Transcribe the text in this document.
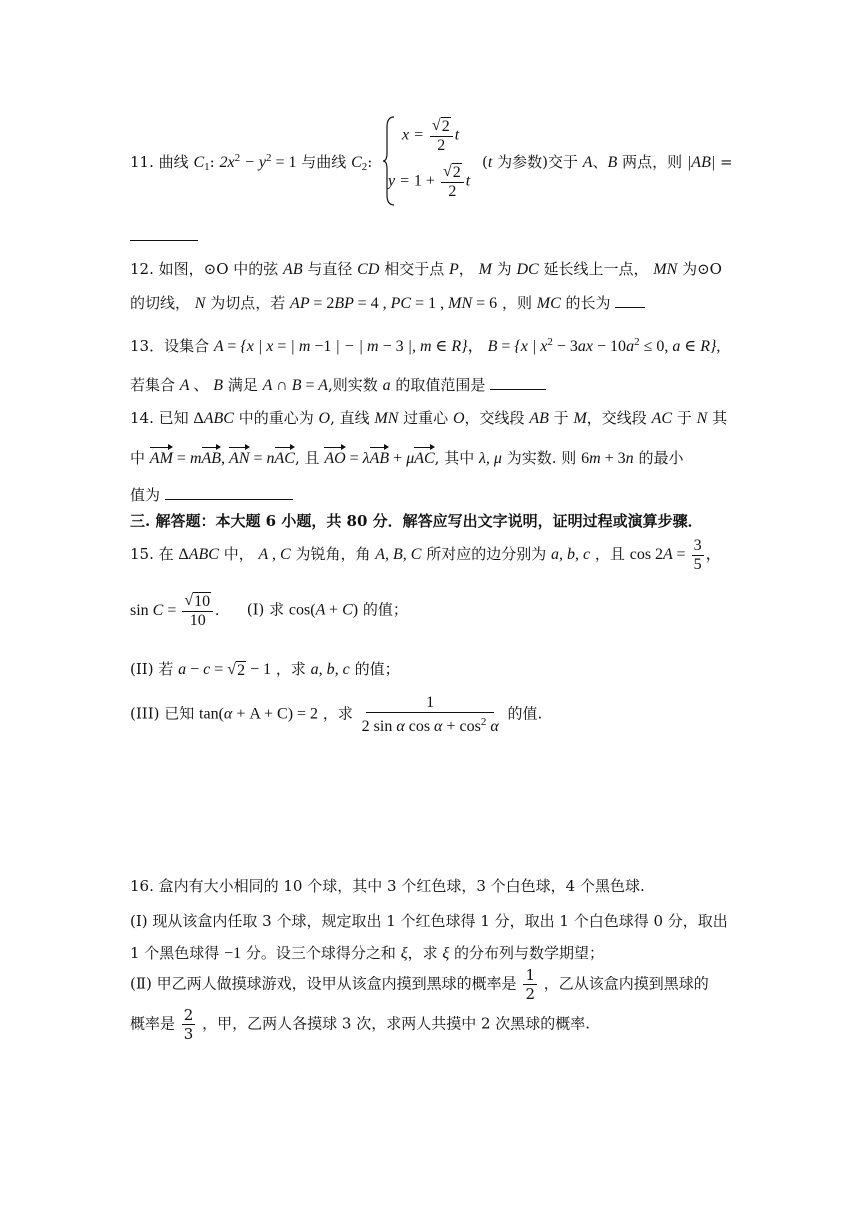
11. 曲线 $C_1$: $2x^2 - y^2 = 1$ 与曲线 $C_2$:
$x = \frac{√ 2}{2}$ t
$y = 1 + \frac{√ 2}{2}$ t
(t 为参数)交于 A、B 两点，则 |AB| =
12. 如图，⊙O 中的弦 AB 与直径 CD 相交于点 P， M 为 DC 延长线上一点， MN 为⊙O
的切线， N 为切点，若 AP = 2BP = 4 , PC = 1 , MN = 6 ，则 MC 的长为
13．设集合 A = {x | x = | m −1 | − | m − 3 |, m ∈ R}， B = {x | $x^2 - 3ax - 10a^2 \le 0$, a ∈ R},
若集合 A 、 B 满足 A ∩ B = A,则实数 a 的取值范围是
14. 已知 ΔABC 中的重心为 O, 直线 MN 过重心 O，交线段 AB 于 M，交线段 AC 于 N 其
中 AM = mAB, AN = nAC, 且 AO = λAB + μAC, 其中 λ, μ 为实数. 则 6m + 3n 的最小
值为
三. 解答题：本大题 6 小题，共 80 分．解答应写出文字说明，证明过程或演算步骤．
15. 在 ΔABC 中， A , C 为锐角，角 A, B, C 所对应的边分别为 a, b, c ，且 $\cos 2A = \frac{3}{5}$ ，
$\sin C = \frac{√ 10}{10}$ . (I) 求 cos(A + C) 的值；
(II) 若 a − c = √ 2 − 1 ，求 a, b, c 的值；
(III) 已知 tan(α + A + C) = 2 ，求 $\frac{1}{2 \sin \alpha \cos \alpha + \cos^2 \alpha}$ 的值.
16. 盒内有大小相同的 10 个球，其中 3 个红色球，3 个白色球，4 个黑色球.
(Ⅰ) 现从该盒内任取 3 个球，规定取出 1 个红色球得 1 分，取出 1 个白色球得 0 分，取出
1 个黑色球得 −1 分。设三个球得分之和 ξ，求 ξ 的分布列与数学期望；
(Ⅱ) 甲乙两人做摸球游戏，设甲从该盒内摸到黑球的概率是 $\frac{1}{2}$ ，乙从该盒内摸到黑球的
概率是 $\frac{2}{3}$ ，甲，乙两人各摸球 3 次，求两人共摸中 2 次黑球的概率.
